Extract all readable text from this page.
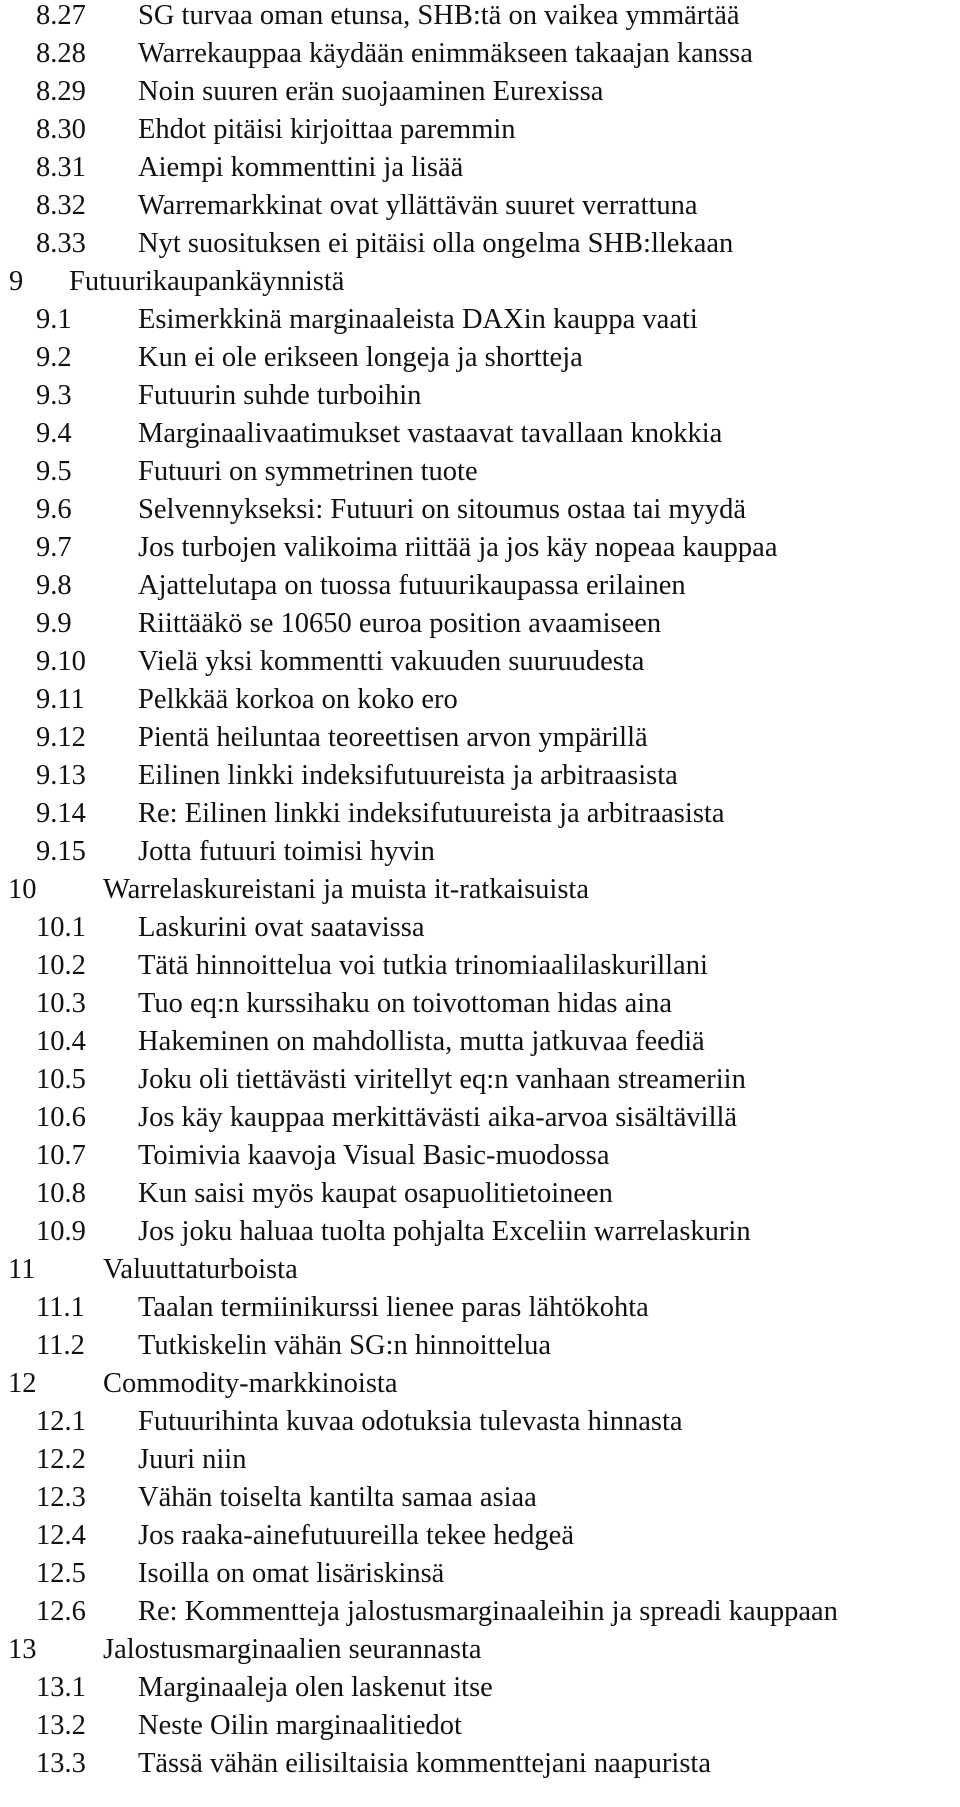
8.27 SG turvaa oman etunsa, SHB:tä on vaikea ymmärtää
8.28 Warrekauppaa käydään enimmäkseen takaajan kanssa
8.29 Noin suuren erän suojaaminen Eurexissa
8.30 Ehdot pitäisi kirjoittaa paremmin
8.31 Aiempi kommenttini ja lisää
8.32 Warremarkkinat ovat yllättävän suuret verrattuna
8.33 Nyt suosituksen ei pitäisi olla ongelma SHB:llekaan
9 Futuurikaupankäynnistä
9.1 Esimerkkinä marginaaleista DAXin kauppa vaati
9.2 Kun ei ole erikseen longeja ja shortteja
9.3 Futuurin suhde turboihin
9.4 Marginaalivaatimukset vastaavat tavallaan knokkia
9.5 Futuuri on symmetrinen tuote
9.6 Selvennykseksi: Futuuri on sitoumus ostaa tai myydä
9.7 Jos turbojen valikoima riittää ja jos käy nopeaa kauppaa
9.8 Ajattelutapa on tuossa futuurikaupassa erilainen
9.9 Riittääkö se 10650 euroa position avaamiseen
9.10 Vielä yksi kommentti vakuuden suuruudesta
9.11 Pelkkää korkoa on koko ero
9.12 Pientä heiluntaa teoreettisen arvon ympärillä
9.13 Eilinen linkki indeksifutuureista ja arbitraasista
9.14 Re: Eilinen linkki indeksifutuureista ja arbitraasista
9.15 Jotta futuuri toimisi hyvin
10 Warrelaskureistani ja muista it-ratkaisuista
10.1 Laskurini ovat saatavissa
10.2 Tätä hinnoittelua voi tutkia trinomiaalilaskurillani
10.3 Tuo eq:n kurssihaku on toivottoman hidas aina
10.4 Hakeminen on mahdollista, mutta jatkuvaa feediä
10.5 Joku oli tiettävästi viritellyt eq:n vanhaan streameriin
10.6 Jos käy kauppaa merkittävästi aika-arvoa sisältävillä
10.7 Toimivia kaavoja Visual Basic-muodossa
10.8 Kun saisi myös kaupat osapuolitietoineen
10.9 Jos joku haluaa tuolta pohjalta Exceliin warrelaskurin
11 Valuuttaturboista
11.1 Taalan termiinikurssi lienee paras lähtökohta
11.2 Tutkiskelin vähän SG:n hinnoittelua
12 Commodity-markkinoista
12.1 Futuurihinta kuvaa odotuksia tulevasta hinnasta
12.2 Juuri niin
12.3 Vähän toiselta kantilta samaa asiaa
12.4 Jos raaka-ainefutuureilla tekee hedgeä
12.5 Isoilla on omat lisäriskinsä
12.6 Re: Kommentteja jalostusmarginaaleihin ja spreadi kauppaan
13 Jalostusmarginaalien seurannasta
13.1 Marginaaleja olen laskenut itse
13.2 Neste Oilin marginaalitiedot
13.3 Tässä vähän eilisiltaisia kommenttejani naapurista
